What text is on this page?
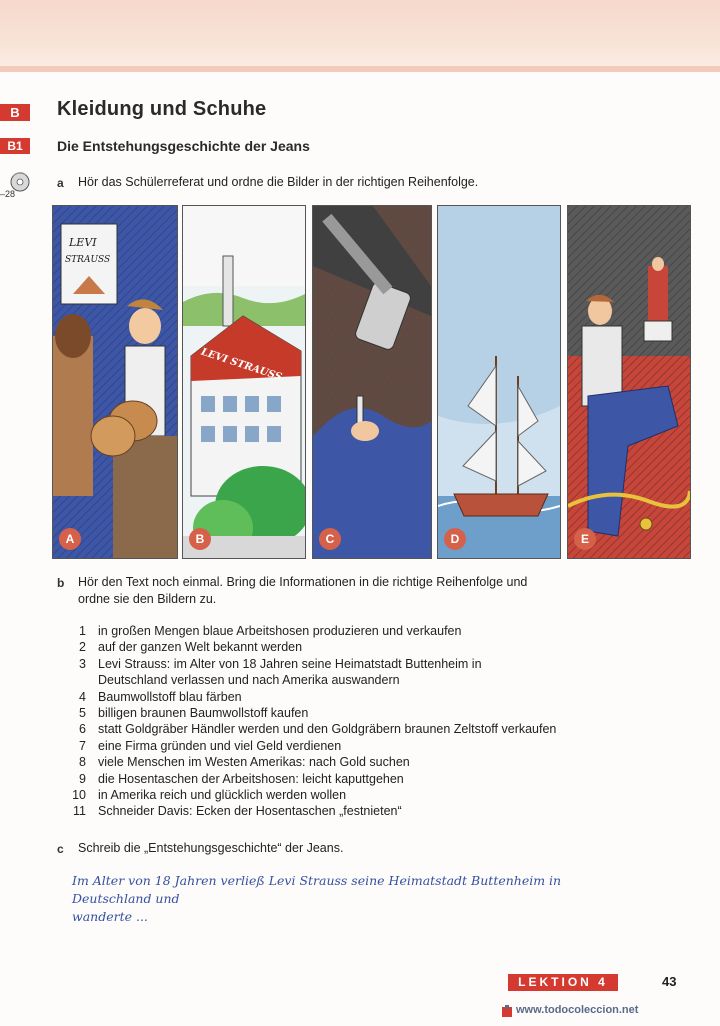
B	Kleidung und Schuhe
B1	Die Entstehungsgeschichte der Jeans
–28
a Hör das Schülerreferat und ordne die Bilder in der richtigen Reihenfolge.
LEVI
STRAUSS
A
LEVI STRAUSS
B	C	D	E
b Hör den Text noch einmal. Bring die Informationen in die richtige Reihenfolge und
ordne sie den Bildern zu.
1 in großen Mengen blaue Arbeitshosen produzieren und verkaufen
2 auf der ganzen Welt bekannt werden
3 Levi Strauss: im Alter von 18 Jahren seine Heimatstadt Buttenheim in
Deutschland verlassen und nach Amerika auswandern
4 Baumwollstoff blau färben
5 billigen braunen Baumwollstoff kaufen
6 statt Goldgräber Händler werden und den Goldgräbern braunen Zeltstoff verkaufen
7 eine Firma gründen und viel Geld verdienen
8 viele Menschen im Westen Amerikas: nach Gold suchen
9 die Hosentaschen der Arbeitshosen: leicht kaputtgehen
10 in Amerika reich und glücklich werden wollen
11 Schneider Davis: Ecken der Hosentaschen „festnieten“
c Schreib die „Entstehungsgeschichte“ der Jeans.
Im Alter von 18 Jahren verließ Levi Strauss seine Heimatstadt Buttenheim in Deutschland und
wanderte ...
LEKTION 4	43
www.todocoleccion.net
